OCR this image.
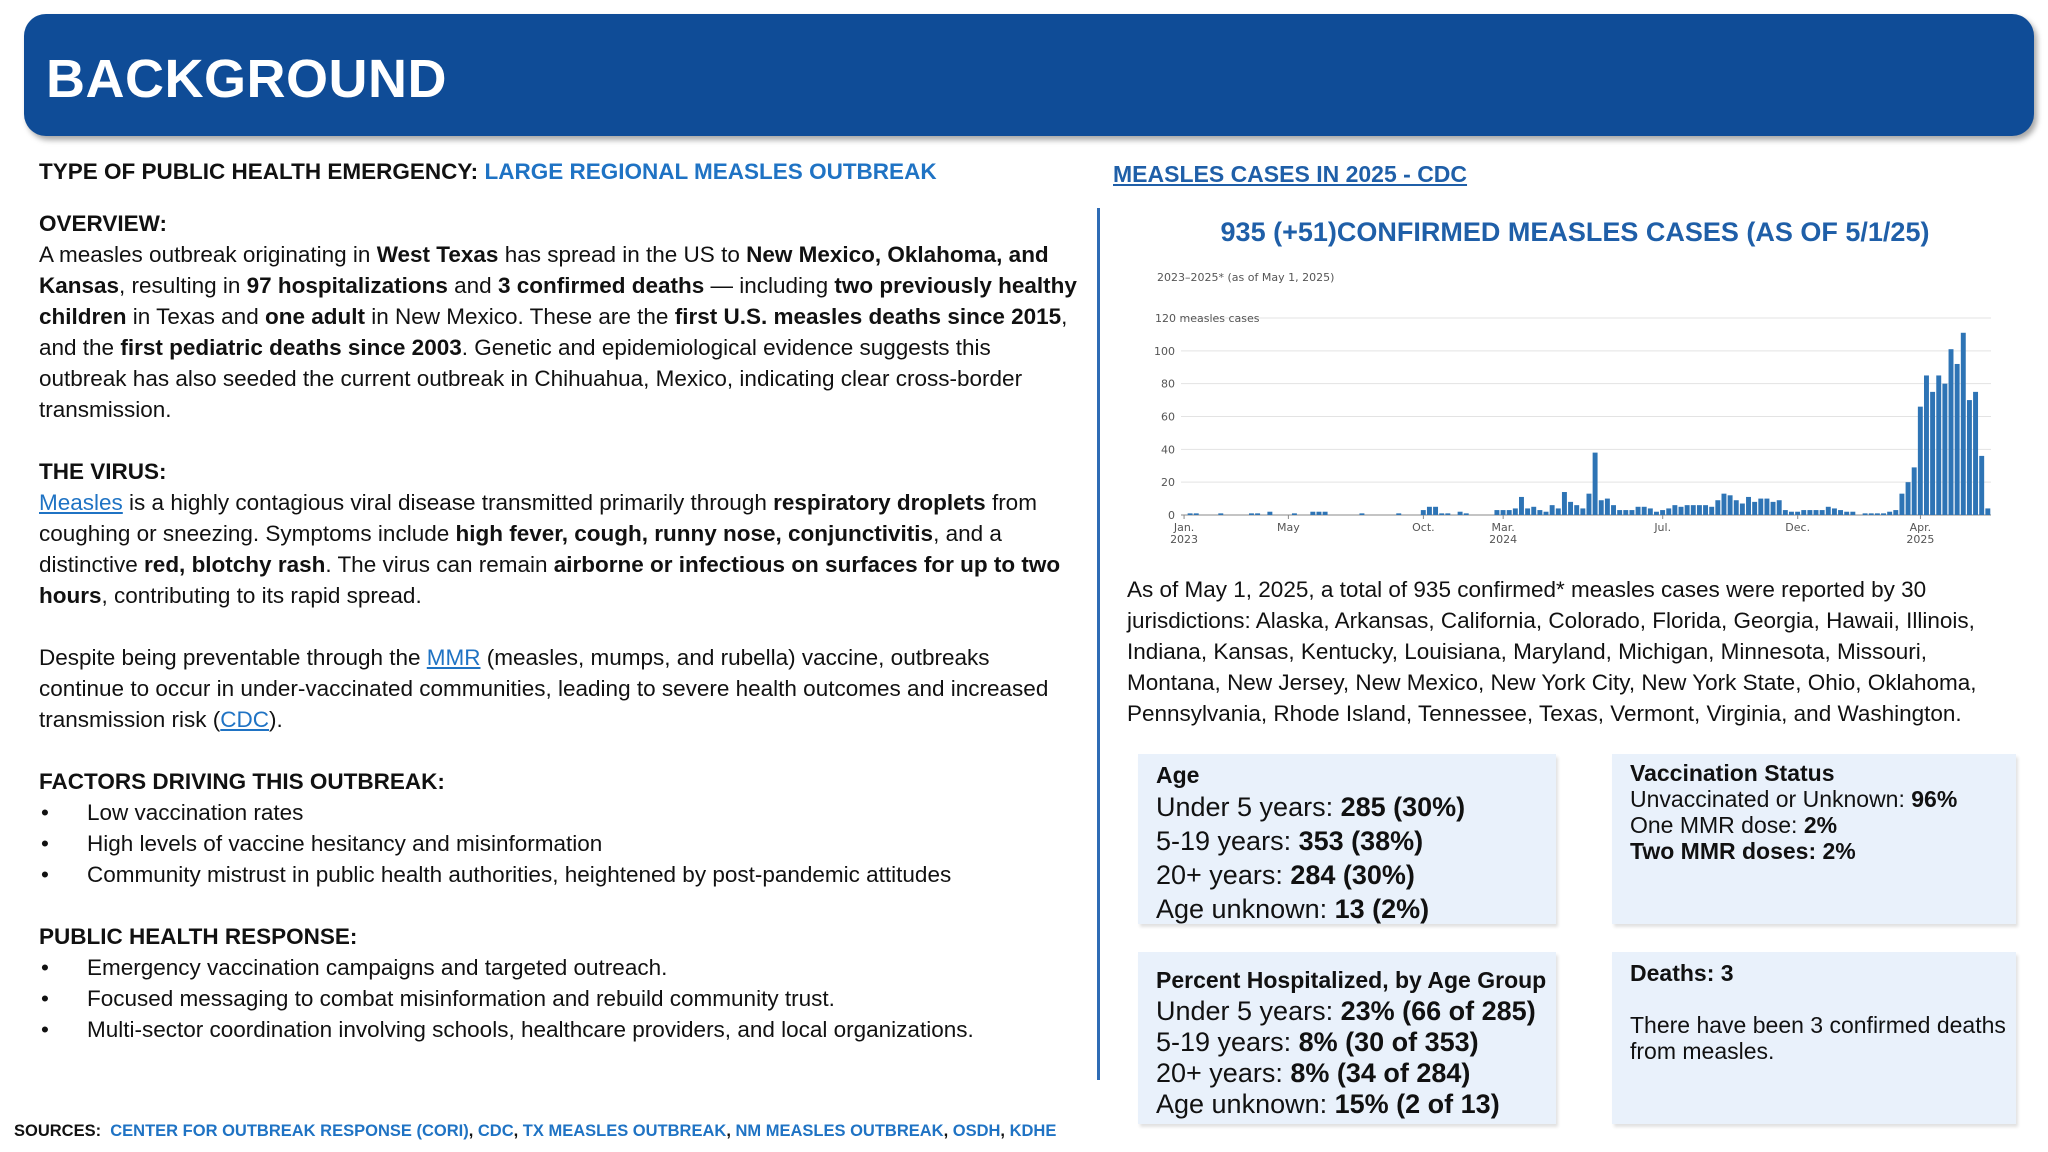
BACKGROUND

TYPE OF PUBLIC HEALTH EMERGENCY: LARGE REGIONAL MEASLES OUTBREAK

OVERVIEW:

A measles outbreak originating in West Texas has spread in the US to New Mexico, Oklahoma, and Kansas, resulting in 97 hospitalizations and 3 confirmed deaths — including two previously healthy children in Texas and one adult in New Mexico. These are the first U.S. measles deaths since 2015, and the first pediatric deaths since 2003. Genetic and epidemiological evidence suggests this outbreak has also seeded the current outbreak in Chihuahua, Mexico, indicating clear cross-border transmission.

THE VIRUS:

Measles is a highly contagious viral disease transmitted primarily through respiratory droplets from coughing or sneezing. Symptoms include high fever, cough, runny nose, conjunctivitis, and a distinctive red, blotchy rash. The virus can remain airborne or infectious on surfaces for up to two hours, contributing to its rapid spread.

Despite being preventable through the MMR (measles, mumps, and rubella) vaccine, outbreaks continue to occur in under-vaccinated communities, leading to severe health outcomes and increased transmission risk (CDC).

FACTORS DRIVING THIS OUTBREAK:

• Low vaccination rates
• High levels of vaccine hesitancy and misinformation
• Community mistrust in public health authorities, heightened by post-pandemic attitudes

PUBLIC HEALTH RESPONSE:

• Emergency vaccination campaigns and targeted outreach.
• Focused messaging to combat misinformation and rebuild community trust.
• Multi-sector coordination involving schools, healthcare providers, and local organizations.
SOURCES: CENTER FOR OUTBREAK RESPONSE (CORI), CDC, TX MEASLES OUTBREAK, NM MEASLES OUTBREAK, OSDH, KDHE
MEASLES CASES IN 2025 - CDC
935 (+51)CONFIRMED MEASLES CASES (AS OF 5/1/25)
2023–2025* (as of May 1, 2025)
0
20
40
60
80
100
120 measles cases
Jan.
2023
May	Oct.	Mar.
2024
Jul.	Dec.	Apr.
2025
As of May 1, 2025, a total of 935 confirmed* measles cases were reported by 30 jurisdictions: Alaska, Arkansas, California, Colorado, Florida, Georgia, Hawaii, Illinois, Indiana, Kansas, Kentucky, Louisiana, Maryland, Michigan, Minnesota, Missouri, Montana, New Jersey, New Mexico, New York City, New York State, Ohio, Oklahoma, Pennsylvania, Rhode Island, Tennessee, Texas, Vermont, Virginia, and Washington.
Age
Under 5 years: 285 (30%)
5-19 years: 353 (38%)
20+ years: 284 (30%)
Age unknown: 13 (2%)
Vaccination Status
Unvaccinated or Unknown: 96%
One MMR dose: 2%
Two MMR doses: 2%
Percent Hospitalized, by Age Group
Under 5 years: 23% (66 of 285)
5-19 years: 8% (30 of 353)
20+ years: 8% (34 of 284)
Age unknown: 15% (2 of 13)
Deaths: 3
There have been 3 confirmed deaths from measles.
